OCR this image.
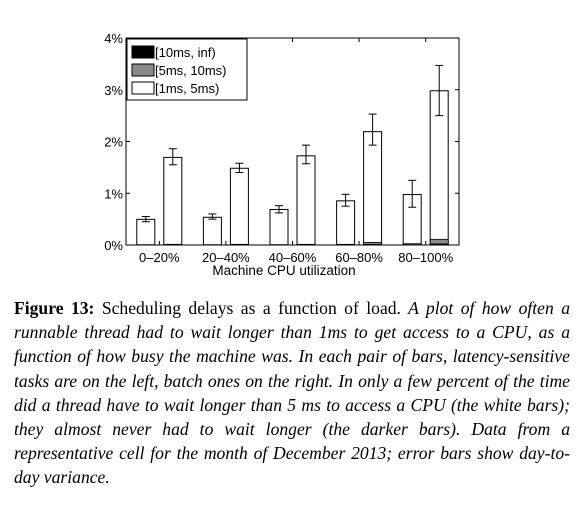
0%
1%
2%
3%
4%
0–20% 20–40% 40–60% 60–80% 80–100%
[10ms, inf)
[5ms, 10ms)
[1ms, 5ms)
Machine CPU utilization

Figure 13: Scheduling delays as a function of load. A plot of how often a runnable thread had to wait longer than 1ms to get access to a CPU, as a function of how busy the machine was. In each pair of bars, latency-sensitive tasks are on the left, batch ones on the right. In only a few percent of the time did a thread have to wait longer than 5 ms to access a CPU (the white bars); they almost never had to wait longer (the darker bars). Data from a representative cell for the month of December 2013; error bars show day-to-day variance.
